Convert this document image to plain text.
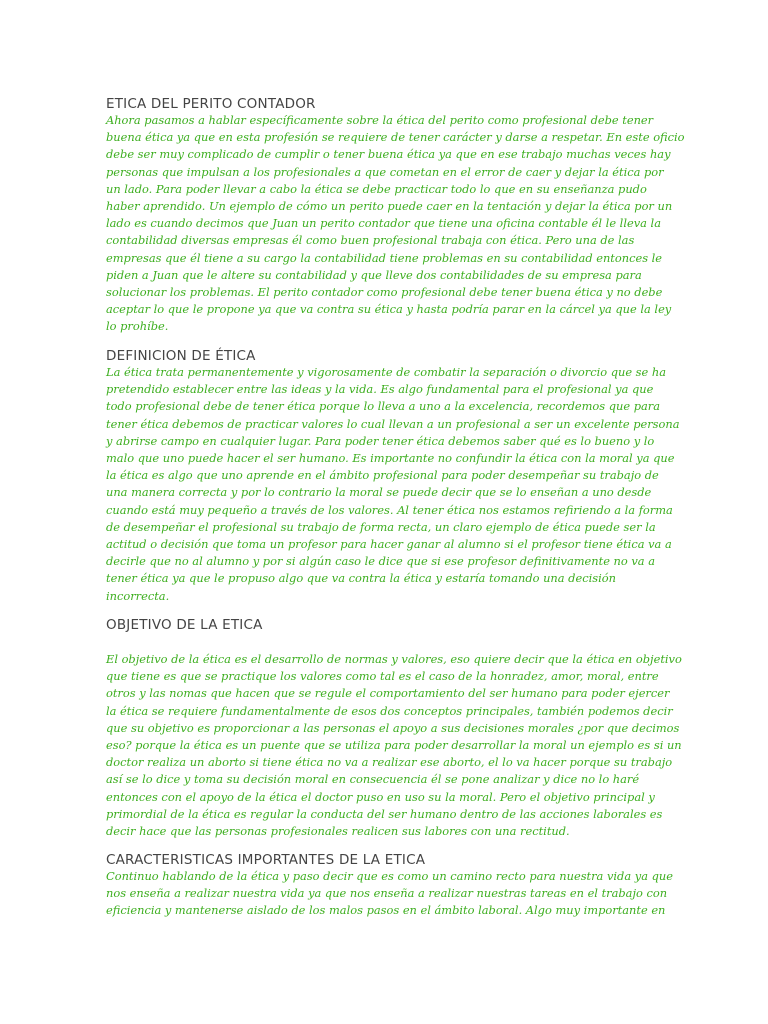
ETICA DEL PERITO CONTADOR
Ahora pasamos a hablar específicamente sobre la ética del perito como profesional debe tener
buena ética ya que en esta profesión se requiere de tener carácter y darse a respetar. En este oficio
debe ser muy complicado de cumplir o tener buena ética ya que en ese trabajo muchas veces hay
personas que impulsan a los profesionales a que cometan en el error de caer y dejar la ética por
un lado. Para poder llevar a cabo la ética se debe practicar todo lo que en su enseñanza pudo
haber aprendido. Un ejemplo de cómo un perito puede caer en la tentación y dejar la ética por un
lado es cuando decimos que Juan un perito contador que tiene una oficina contable él le lleva la
contabilidad diversas empresas él como buen profesional trabaja con ética. Pero una de las
empresas que él tiene a su cargo la contabilidad tiene problemas en su contabilidad entonces le
piden a Juan que le altere su contabilidad y que lleve dos contabilidades de su empresa para
solucionar los problemas. El perito contador como profesional debe tener buena ética y no debe
aceptar lo que le propone ya que va contra su ética y hasta podría parar en la cárcel ya que la ley
lo prohíbe.
DEFINICION DE ÉTICA
La ética trata permanentemente y vigorosamente de combatir la separación o divorcio que se ha
pretendido establecer entre las ideas y la vida. Es algo fundamental para el profesional ya que
todo profesional debe de tener ética porque lo lleva a uno a la excelencia, recordemos que para
tener ética debemos de practicar valores lo cual llevan a un profesional a ser un excelente persona
y abrirse campo en cualquier lugar. Para poder tener ética debemos saber qué es lo bueno y lo
malo que uno puede hacer el ser humano. Es importante no confundir la ética con la moral ya que
la ética es algo que uno aprende en el ámbito profesional para poder desempeñar su trabajo de
una manera correcta y por lo contrario la moral se puede decir que se lo enseñan a uno desde
cuando está muy pequeño a través de los valores. Al tener ética nos estamos refiriendo a la forma
de desempeñar el profesional su trabajo de forma recta, un claro ejemplo de ética puede ser la
actitud o decisión que toma un profesor para hacer ganar al alumno si el profesor tiene ética va a
decirle que no al alumno y por si algún caso le dice que si ese profesor definitivamente no va a
tener ética ya que le propuso algo que va contra la ética y estaría tomando una decisión
incorrecta.
OBJETIVO DE LA ETICA
El objetivo de la ética es el desarrollo de normas y valores, eso quiere decir que la ética en objetivo
que tiene es que se practique los valores como tal es el caso de la honradez, amor, moral, entre
otros y las nomas que hacen que se regule el comportamiento del ser humano para poder ejercer
la ética se requiere fundamentalmente de esos dos conceptos principales, también podemos decir
que su objetivo es proporcionar a las personas el apoyo a sus decisiones morales ¿por que decimos
eso? porque la ética es un puente que se utiliza para poder desarrollar la moral un ejemplo es si un
doctor realiza un aborto si tiene ética no va a realizar ese aborto, el lo va hacer porque su trabajo
así se lo dice y toma su decisión moral en consecuencia él se pone analizar y dice no lo haré
entonces con el apoyo de la ética el doctor puso en uso su la moral. Pero el objetivo principal y
primordial de la ética es regular la conducta del ser humano dentro de las acciones laborales es
decir hace que las personas profesionales realicen sus labores con una rectitud.
CARACTERISTICAS IMPORTANTES DE LA ETICA
Continuo hablando de la ética y paso decir que es como un camino recto para nuestra vida ya que
nos enseña a realizar nuestra vida ya que nos enseña a realizar nuestras tareas en el trabajo con
eficiencia y mantenerse aislado de los malos pasos en el ámbito laboral. Algo muy importante en
